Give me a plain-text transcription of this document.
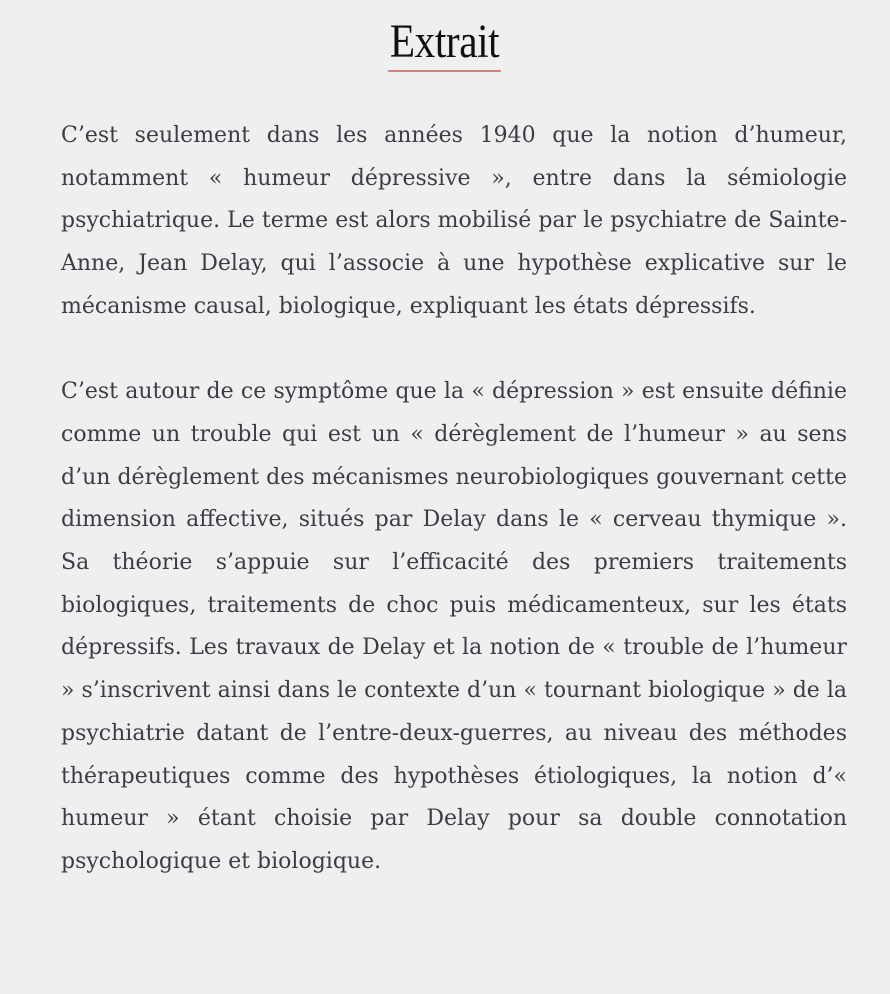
Extrait

C’est seulement dans les années 1940 que la notion d’humeur, notamment « humeur dépressive », entre dans la sémiologie psychiatrique. Le terme est alors mobilisé par le psychiatre de Sainte-Anne, Jean Delay, qui l’associe à une hypothèse explicative sur le mécanisme causal, biologique, expliquant les états dépressifs.

C’est autour de ce symptôme que la « dépression » est ensuite définie comme un trouble qui est un « dérèglement de l’humeur » au sens d’un dérèglement des mécanismes neurobiologiques gouvernant cette dimension affective, situés par Delay dans le « cerveau thymique ». Sa théorie s’appuie sur l’efficacité des premiers traitements biologiques, traitements de choc puis médicamenteux, sur les états dépressifs. Les travaux de Delay et la notion de « trouble de l’humeur » s’inscrivent ainsi dans le contexte d’un « tournant biologique » de la psychiatrie datant de l’entre-deux-guerres, au niveau des méthodes thérapeutiques comme des hypothèses étiologiques, la notion d’« humeur » étant choisie par Delay pour sa double connotation psychologique et biologique.
